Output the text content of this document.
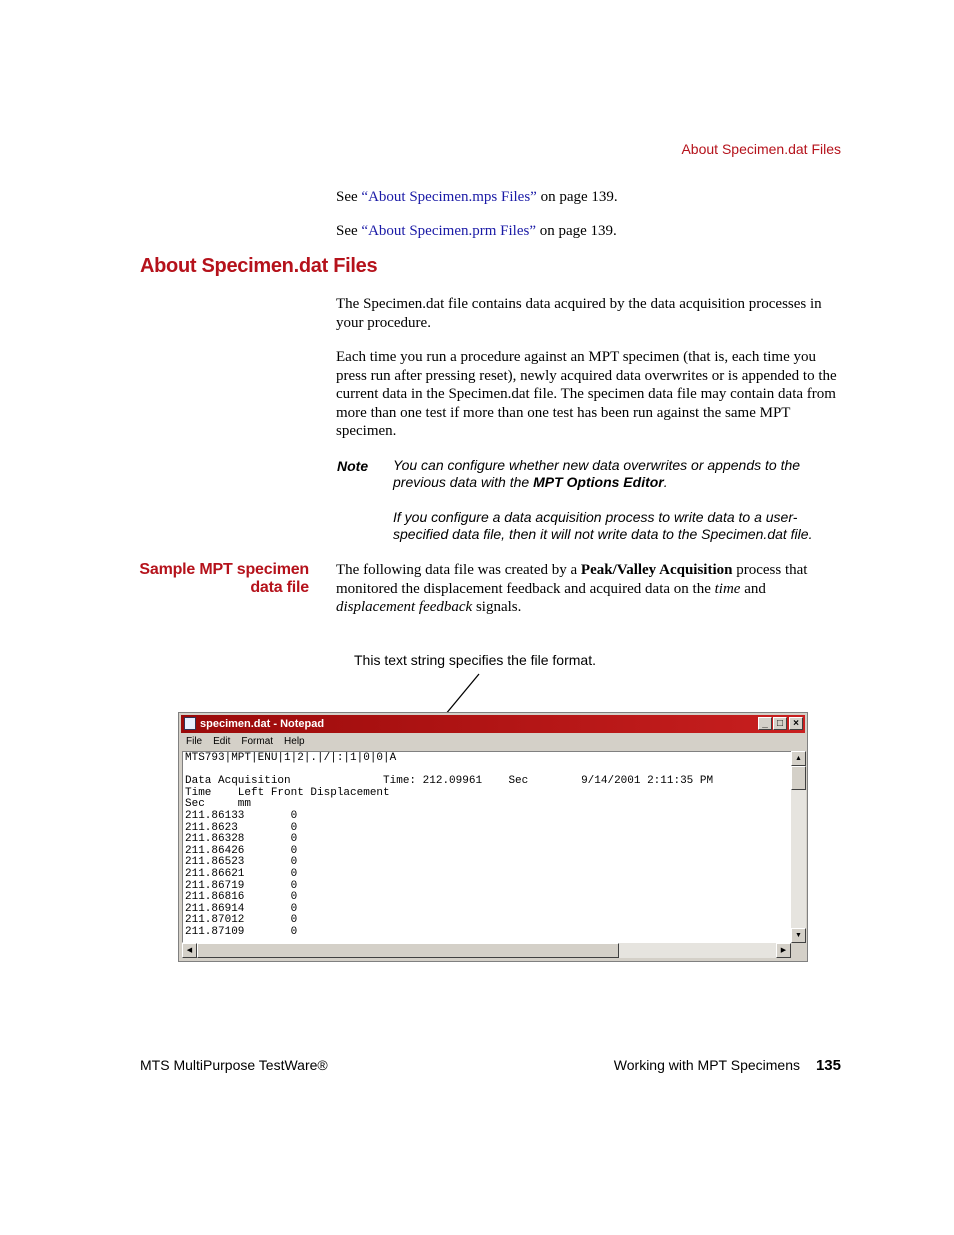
About Specimen.dat Files

See “About Specimen.mps Files” on page 139.

See “About Specimen.prm Files” on page 139.

About Specimen.dat Files

The Specimen.dat file contains data acquired by the data acquisition processes in your procedure.

Each time you run a procedure against an MPT specimen (that is, each time you press run after pressing reset), newly acquired data overwrites or is appended to the current data in the Specimen.dat file. The specimen data file may contain data from more than one test if more than one test has been run against the same MPT specimen.

Note You can configure whether new data overwrites or appends to the previous data with the MPT Options Editor.
If you configure a data acquisition process to write data to a user-specified data file, then it will not write data to the Specimen.dat file.
Sample MPT specimen
data file

The following data file was created by a Peak/Valley Acquisition process that monitored the displacement feedback and acquired data on the time and displacement feedback signals.

This text string specifies the file format.
specimen.dat - Notepad	_ □	×
File Edit Format Help
MTS793|MPT|ENU|1|2|.|/|:|1|0|0|A

Data Acquisition              Time: 212.09961    Sec        9/14/2001 2:11:35 PM
Time    Left Front Displacement
Sec     mm
211.86133       0
211.8623        0
211.86328       0
211.86426       0
211.86523       0
211.86621       0
211.86719       0
211.86816       0
211.86914       0
211.87012       0
211.87109       0
▲
▼
◀	▶
MTS MultiPurpose TestWare®	Working with MPT Specimens 135
